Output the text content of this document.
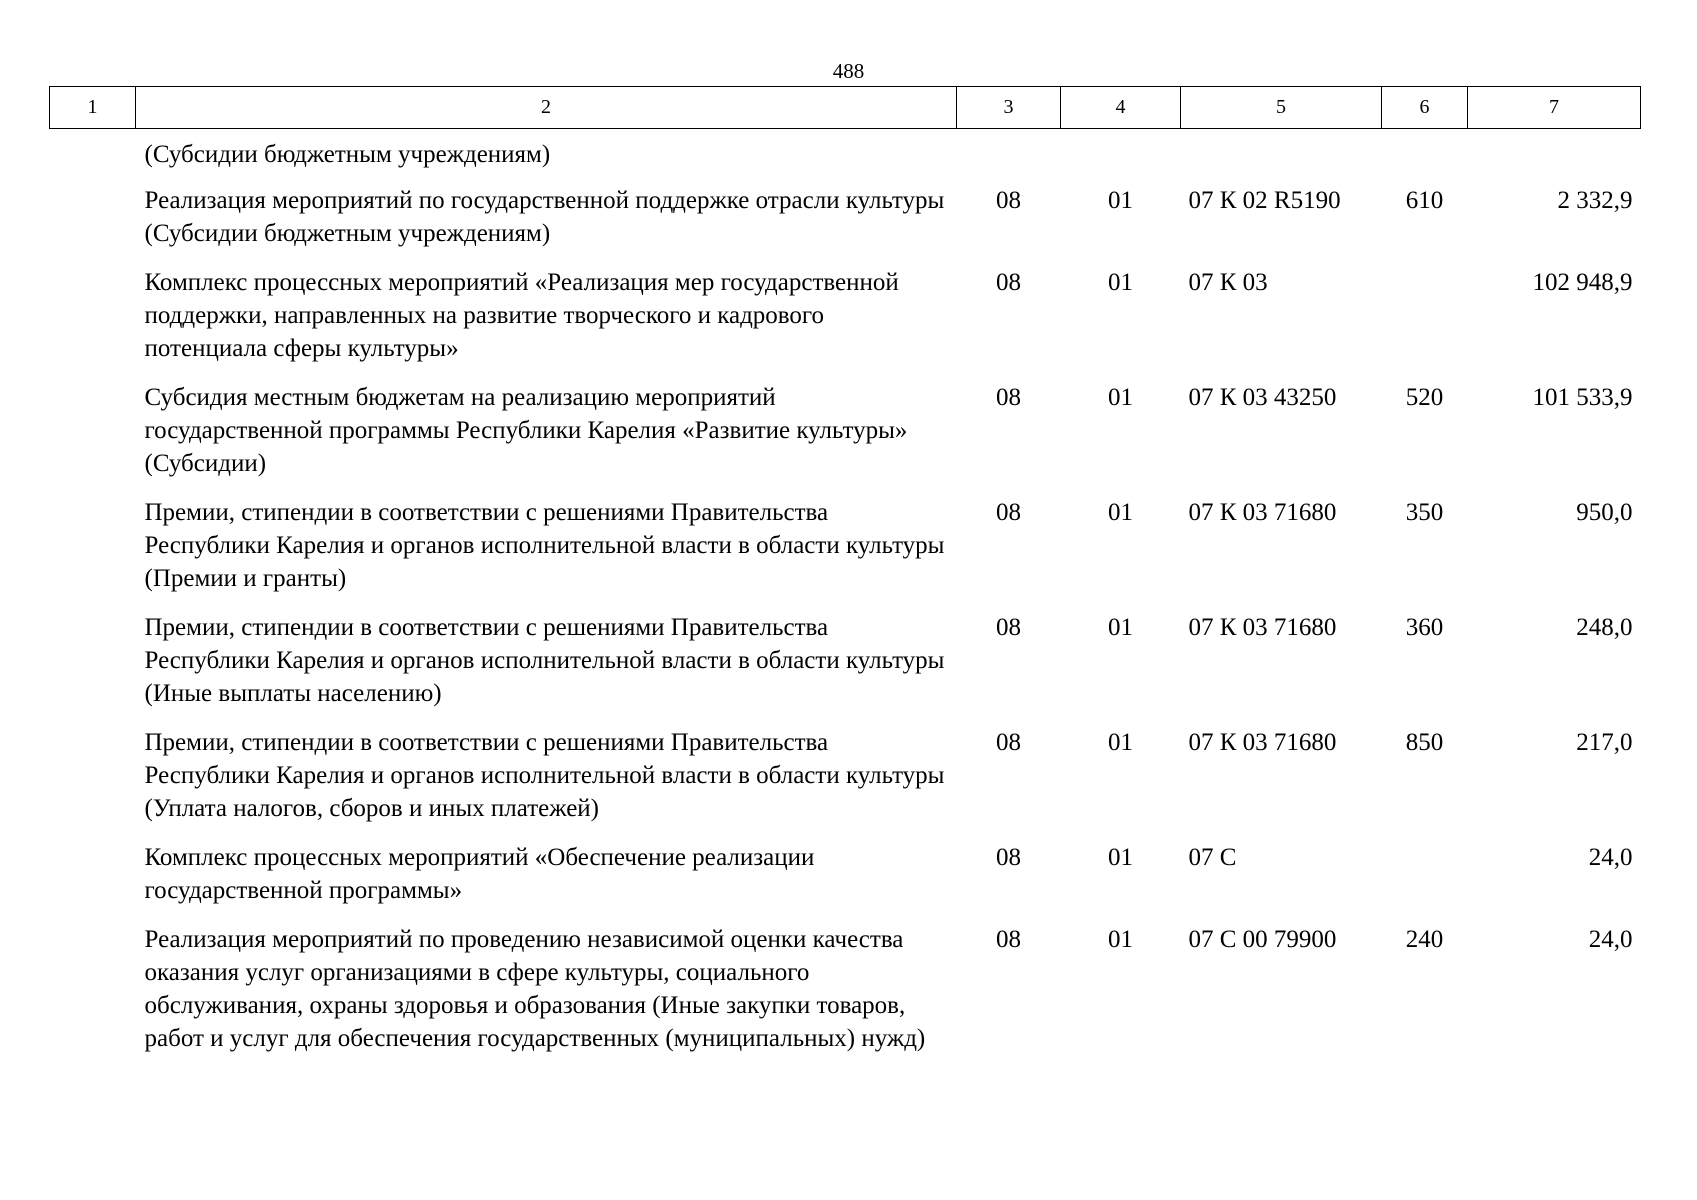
488
1	2	3	4	5	6	7
	(Субсидии бюджетным учреждениям)					
	Реализация мероприятий по государственной поддержке отрасли культуры (Субсидии бюджетным учреждениям)	08	01	07 К 02 R5190	610	2 332,9
	Комплекс процессных мероприятий «Реализация мер государственной поддержки, направленных на развитие творческого и кадрового потенциала сферы культуры»	08	01	07 К 03		102 948,9
	Субсидия местным бюджетам на реализацию мероприятий государственной программы Республики Карелия «Развитие культуры» (Субсидии)	08	01	07 К 03 43250	520	101 533,9
	Премии, стипендии в соответствии с решениями Правительства Республики Карелия и органов исполнительной власти в области культуры (Премии и гранты)	08	01	07 К 03 71680	350	950,0
	Премии, стипендии в соответствии с решениями Правительства Республики Карелия и органов исполнительной власти в области культуры (Иные выплаты населению)	08	01	07 К 03 71680	360	248,0
	Премии, стипендии в соответствии с решениями Правительства Республики Карелия и органов исполнительной власти в области культуры (Уплата налогов, сборов и иных платежей)	08	01	07 К 03 71680	850	217,0
	Комплекс процессных мероприятий «Обеспечение реализации государственной программы»	08	01	07 С		24,0
	Реализация мероприятий по проведению независимой оценки качества оказания услуг организациями в сфере культуры, социального обслуживания, охраны здоровья и образования (Иные закупки товаров, работ и услуг для обеспечения государственных (муниципальных) нужд)	08	01	07 С 00 79900	240	24,0
